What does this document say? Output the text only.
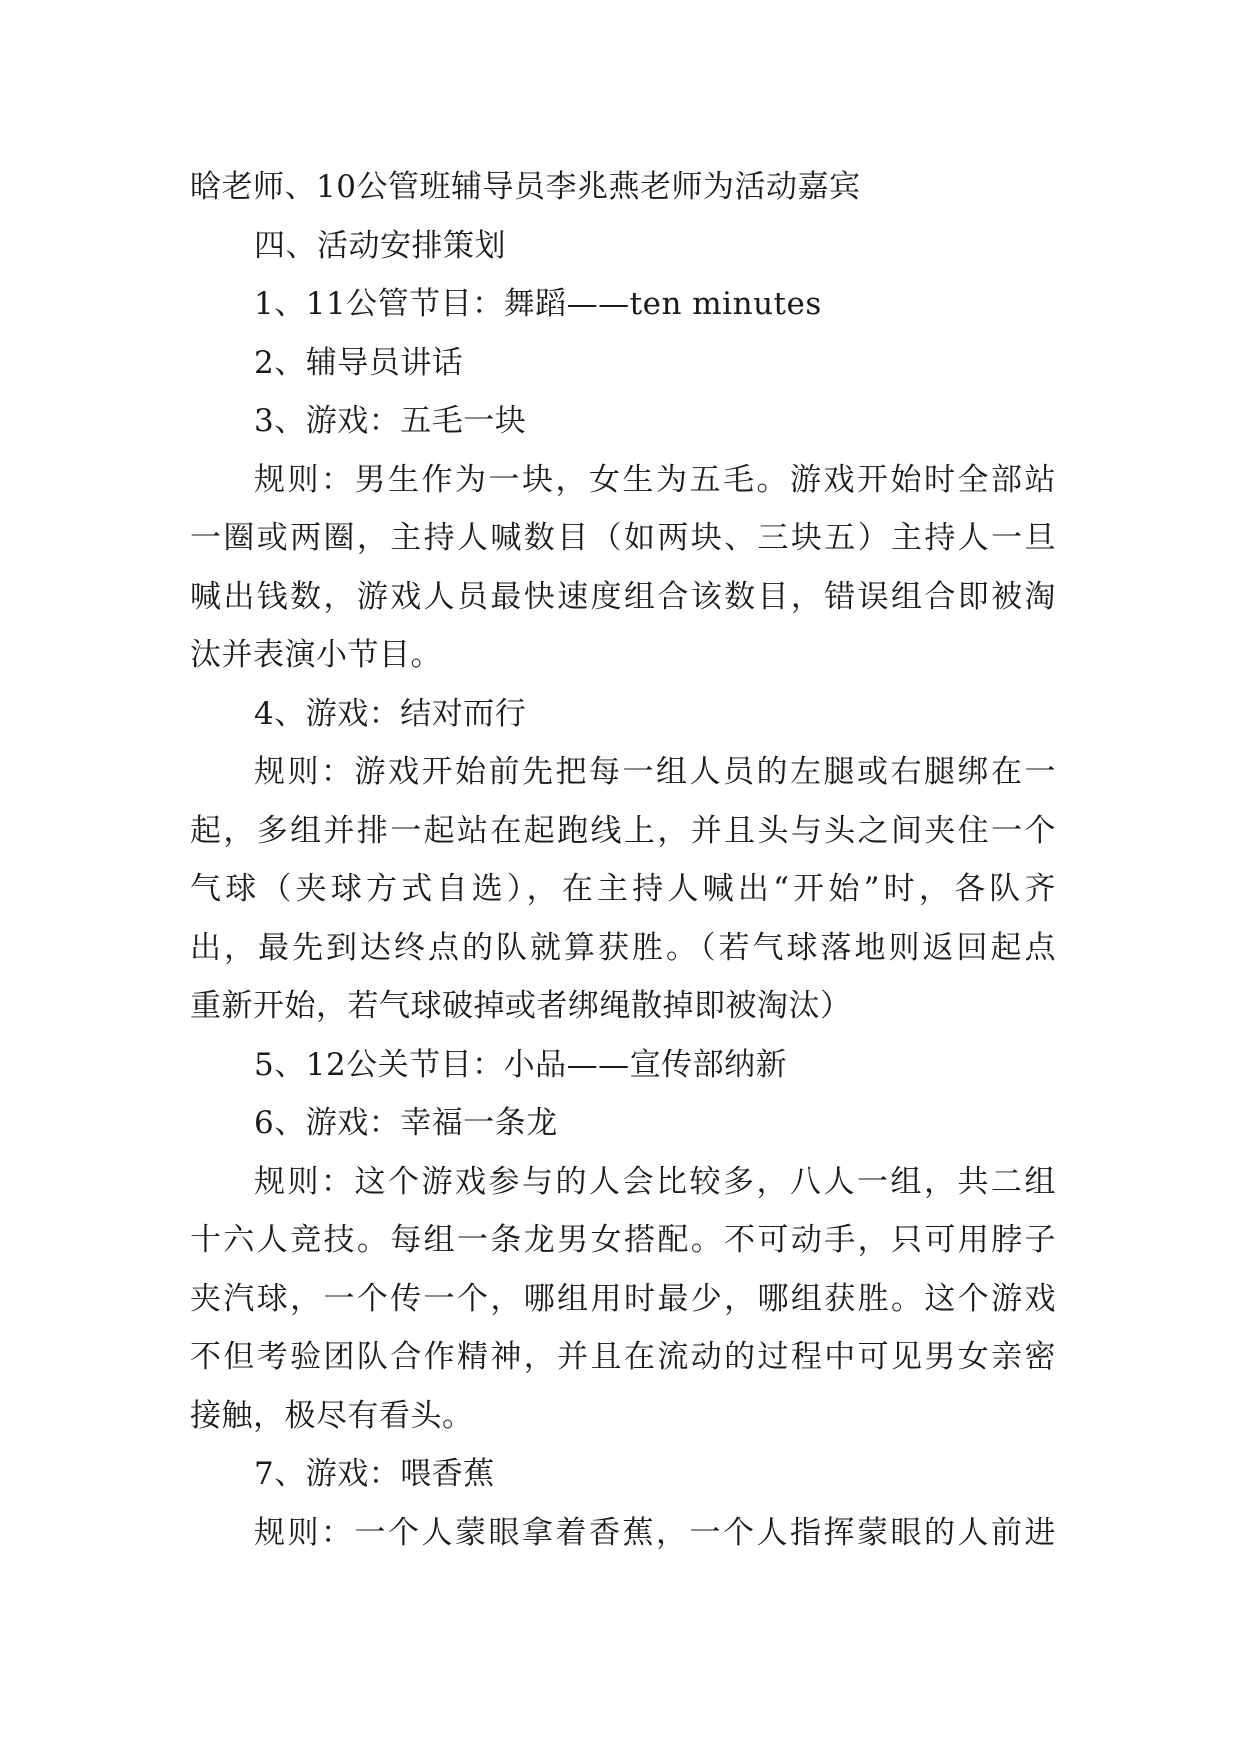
晗老师、10公管班辅导员李兆燕老师为活动嘉宾
四、活动安排策划
1、11公管节目：舞蹈——ten minutes
2、辅导员讲话
3、游戏：五毛一块
规则：男生作为一块，女生为五毛。游戏开始时全部站
一圈或两圈，主持人喊数目（如两块、三块五）主持人一旦
喊出钱数，游戏人员最快速度组合该数目，错误组合即被淘
汰并表演小节目。
4、游戏：结对而行
规则：游戏开始前先把每一组人员的左腿或右腿绑在一
起，多组并排一起站在起跑线上，并且头与头之间夹住一个
气球（夹球方式自选），在主持人喊出“开始”时，各队齐
出，最先到达终点的队就算获胜。（若气球落地则返回起点
重新开始，若气球破掉或者绑绳散掉即被淘汰）
5、12公关节目：小品——宣传部纳新
6、游戏：幸福一条龙
规则：这个游戏参与的人会比较多，八人一组，共二组
十六人竞技。每组一条龙男女搭配。不可动手，只可用脖子
夹汽球，一个传一个，哪组用时最少，哪组获胜。这个游戏
不但考验团队合作精神，并且在流动的过程中可见男女亲密
接触，极尽有看头。
7、游戏：喂香蕉
规则：一个人蒙眼拿着香蕉，一个人指挥蒙眼的人前进
